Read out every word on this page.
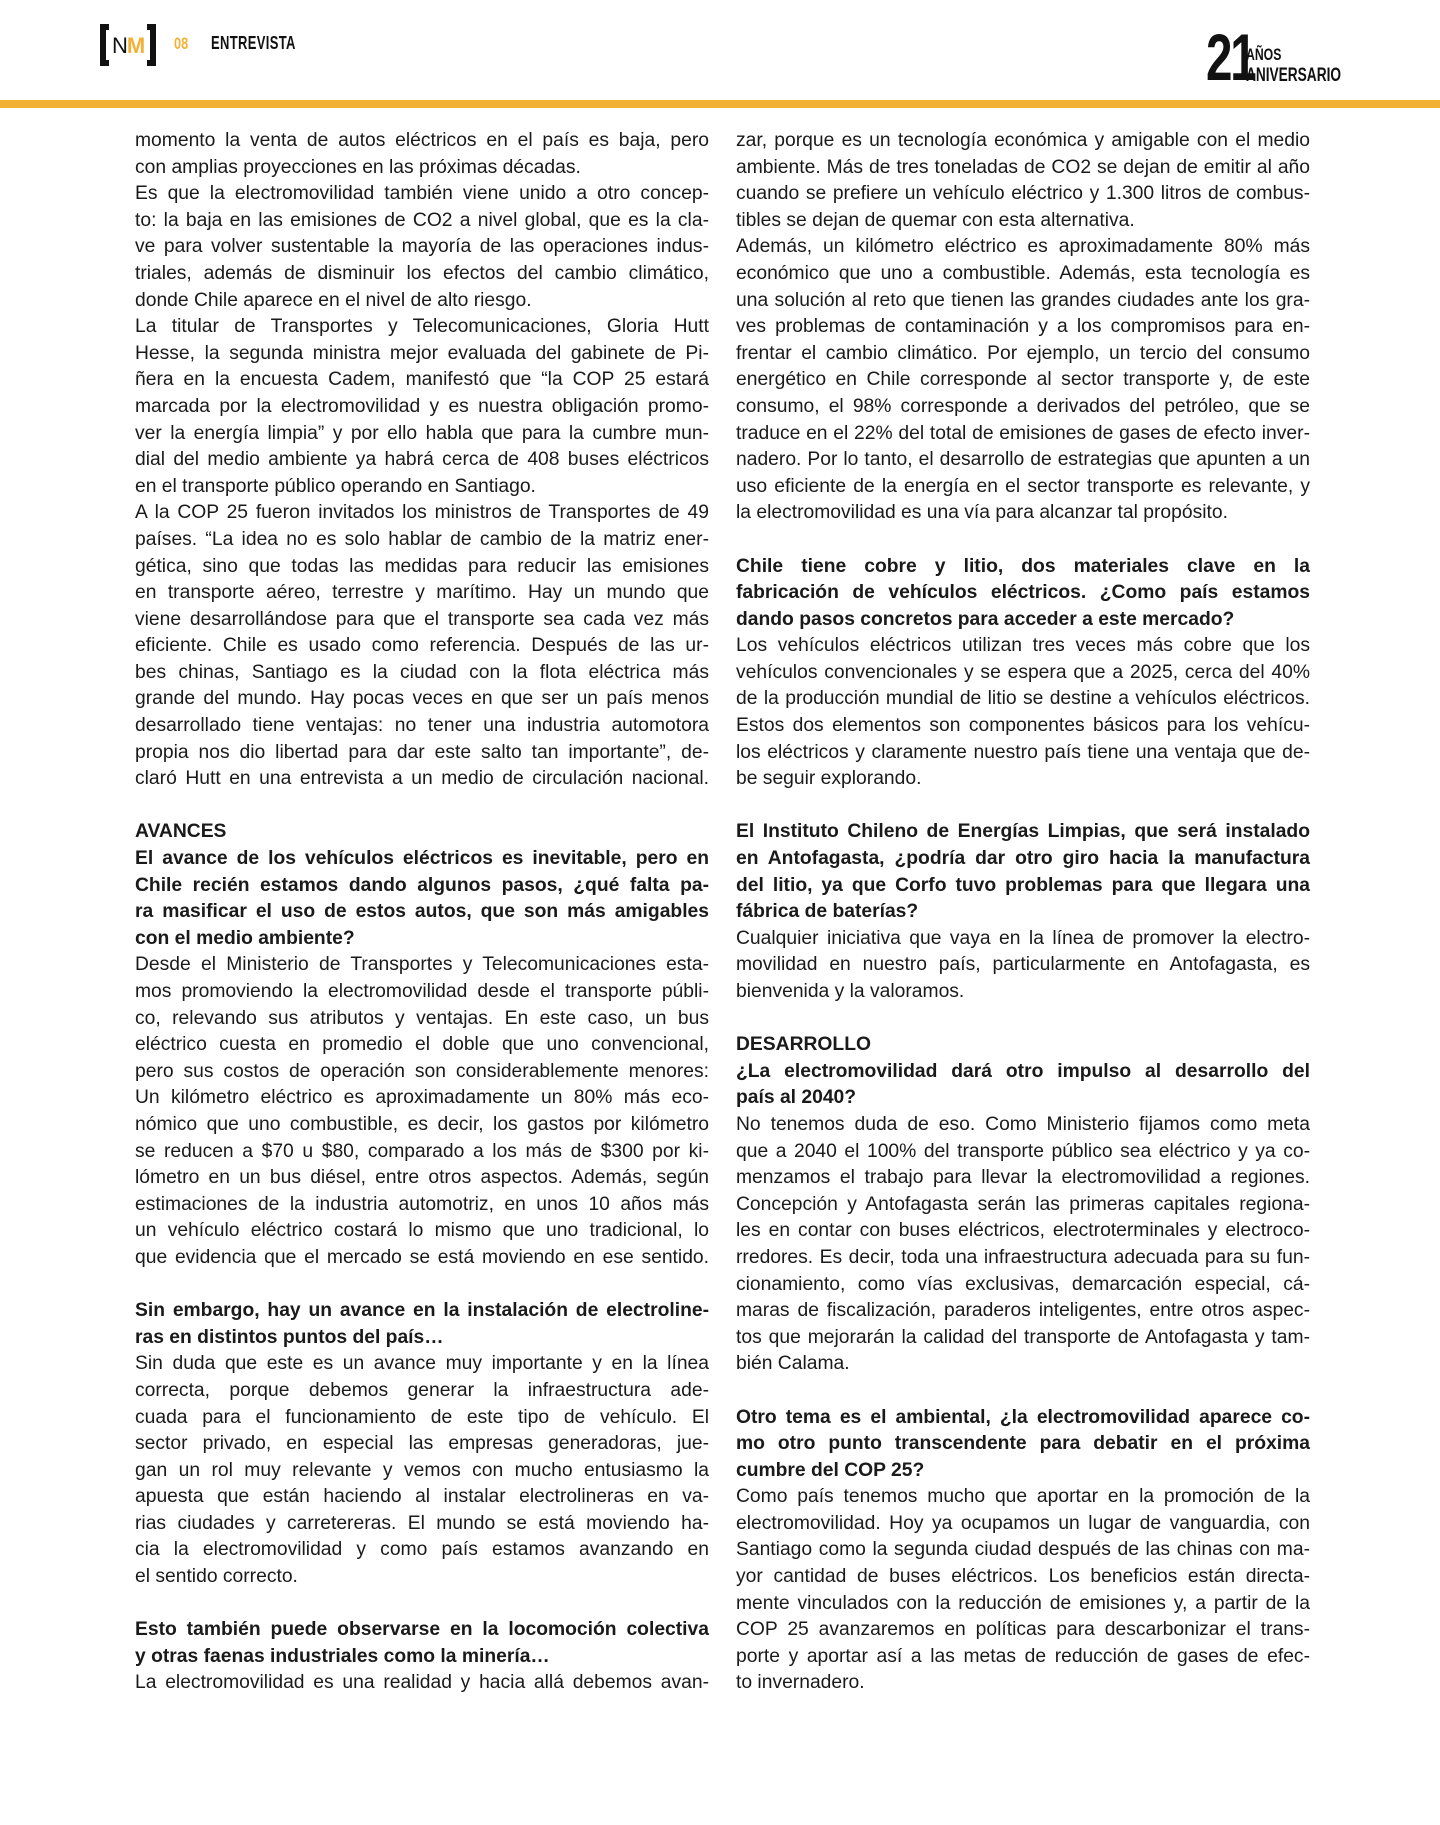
NM 08 ENTREVISTA	21
AÑOS
ANIVERSARIO
momento la venta de autos eléctricos en el país es baja, pero
con amplias proyecciones en las próximas décadas.
Es que la electromovilidad también viene unido a otro concep-
to: la baja en las emisiones de CO2 a nivel global, que es la cla-
ve para volver sustentable la mayoría de las operaciones indus-
triales, además de disminuir los efectos del cambio climático,
donde Chile aparece en el nivel de alto riesgo.
La titular de Transportes y Telecomunicaciones, Gloria Hutt
Hesse, la segunda ministra mejor evaluada del gabinete de Pi-
ñera en la encuesta Cadem, manifestó que “la COP 25 estará
marcada por la electromovilidad y es nuestra obligación promo-
ver la energía limpia” y por ello habla que para la cumbre mun-
dial del medio ambiente ya habrá cerca de 408 buses eléctricos
en el transporte público operando en Santiago.
A la COP 25 fueron invitados los ministros de Transportes de 49
países. “La idea no es solo hablar de cambio de la matriz ener-
gética, sino que todas las medidas para reducir las emisiones
en transporte aéreo, terrestre y marítimo. Hay un mundo que
viene desarrollándose para que el transporte sea cada vez más
eficiente. Chile es usado como referencia. Después de las ur-
bes chinas, Santiago es la ciudad con la flota eléctrica más
grande del mundo. Hay pocas veces en que ser un país menos
desarrollado tiene ventajas: no tener una industria automotora
propia nos dio libertad para dar este salto tan importante”, de-
claró Hutt en una entrevista a un medio de circulación nacional.
AVANCES
El avance de los vehículos eléctricos es inevitable, pero en
Chile recién estamos dando algunos pasos, ¿qué falta pa-
ra masificar el uso de estos autos, que son más amigables
con el medio ambiente?
Desde el Ministerio de Transportes y Telecomunicaciones esta-
mos promoviendo la electromovilidad desde el transporte públi-
co, relevando sus atributos y ventajas. En este caso, un bus
eléctrico cuesta en promedio el doble que uno convencional,
pero sus costos de operación son considerablemente menores:
Un kilómetro eléctrico es aproximadamente un 80% más eco-
nómico que uno combustible, es decir, los gastos por kilómetro
se reducen a $70 u $80, comparado a los más de $300 por ki-
lómetro en un bus diésel, entre otros aspectos. Además, según
estimaciones de la industria automotriz, en unos 10 años más
un vehículo eléctrico costará lo mismo que uno tradicional, lo
que evidencia que el mercado se está moviendo en ese sentido.
Sin embargo, hay un avance en la instalación de electroline-
ras en distintos puntos del país…
Sin duda que este es un avance muy importante y en la línea
correcta, porque debemos generar la infraestructura ade-
cuada para el funcionamiento de este tipo de vehículo. El
sector privado, en especial las empresas generadoras, jue-
gan un rol muy relevante y vemos con mucho entusiasmo la
apuesta que están haciendo al instalar electrolineras en va-
rias ciudades y carretereras. El mundo se está moviendo ha-
cia la electromovilidad y como país estamos avanzando en
el sentido correcto.
Esto también puede observarse en la locomoción colectiva
y otras faenas industriales como la minería…
La electromovilidad es una realidad y hacia allá debemos avan-
zar, porque es un tecnología económica y amigable con el medio
ambiente. Más de tres toneladas de CO2 se dejan de emitir al año
cuando se prefiere un vehículo eléctrico y 1.300 litros de combus-
tibles se dejan de quemar con esta alternativa.
Además, un kilómetro eléctrico es aproximadamente 80% más
económico que uno a combustible. Además, esta tecnología es
una solución al reto que tienen las grandes ciudades ante los gra-
ves problemas de contaminación y a los compromisos para en-
frentar el cambio climático. Por ejemplo, un tercio del consumo
energético en Chile corresponde al sector transporte y, de este
consumo, el 98% corresponde a derivados del petróleo, que se
traduce en el 22% del total de emisiones de gases de efecto inver-
nadero. Por lo tanto, el desarrollo de estrategias que apunten a un
uso eficiente de la energía en el sector transporte es relevante, y
la electromovilidad es una vía para alcanzar tal propósito.
Chile tiene cobre y litio, dos materiales clave en la
fabricación de vehículos eléctricos. ¿Como país estamos
dando pasos concretos para acceder a este mercado?
Los vehículos eléctricos utilizan tres veces más cobre que los
vehículos convencionales y se espera que a 2025, cerca del 40%
de la producción mundial de litio se destine a vehículos eléctricos.
Estos dos elementos son componentes básicos para los vehícu-
los eléctricos y claramente nuestro país tiene una ventaja que de-
be seguir explorando.
El Instituto Chileno de Energías Limpias, que será instalado
en Antofagasta, ¿podría dar otro giro hacia la manufactura
del litio, ya que Corfo tuvo problemas para que llegara una
fábrica de baterías?
Cualquier iniciativa que vaya en la línea de promover la electro-
movilidad en nuestro país, particularmente en Antofagasta, es
bienvenida y la valoramos.
DESARROLLO
¿La electromovilidad dará otro impulso al desarrollo del
país al 2040?
No tenemos duda de eso. Como Ministerio fijamos como meta
que a 2040 el 100% del transporte público sea eléctrico y ya co-
menzamos el trabajo para llevar la electromovilidad a regiones.
Concepción y Antofagasta serán las primeras capitales regiona-
les en contar con buses eléctricos, electroterminales y electroco-
rredores. Es decir, toda una infraestructura adecuada para su fun-
cionamiento, como vías exclusivas, demarcación especial, cá-
maras de fiscalización, paraderos inteligentes, entre otros aspec-
tos que mejorarán la calidad del transporte de Antofagasta y tam-
bién Calama.
Otro tema es el ambiental, ¿la electromovilidad aparece co-
mo otro punto transcendente para debatir en el próxima
cumbre del COP 25?
Como país tenemos mucho que aportar en la promoción de la
electromovilidad. Hoy ya ocupamos un lugar de vanguardia, con
Santiago como la segunda ciudad después de las chinas con ma-
yor cantidad de buses eléctricos. Los beneficios están directa-
mente vinculados con la reducción de emisiones y, a partir de la
COP 25 avanzaremos en políticas para descarbonizar el trans-
porte y aportar así a las metas de reducción de gases de efec-
to invernadero.
